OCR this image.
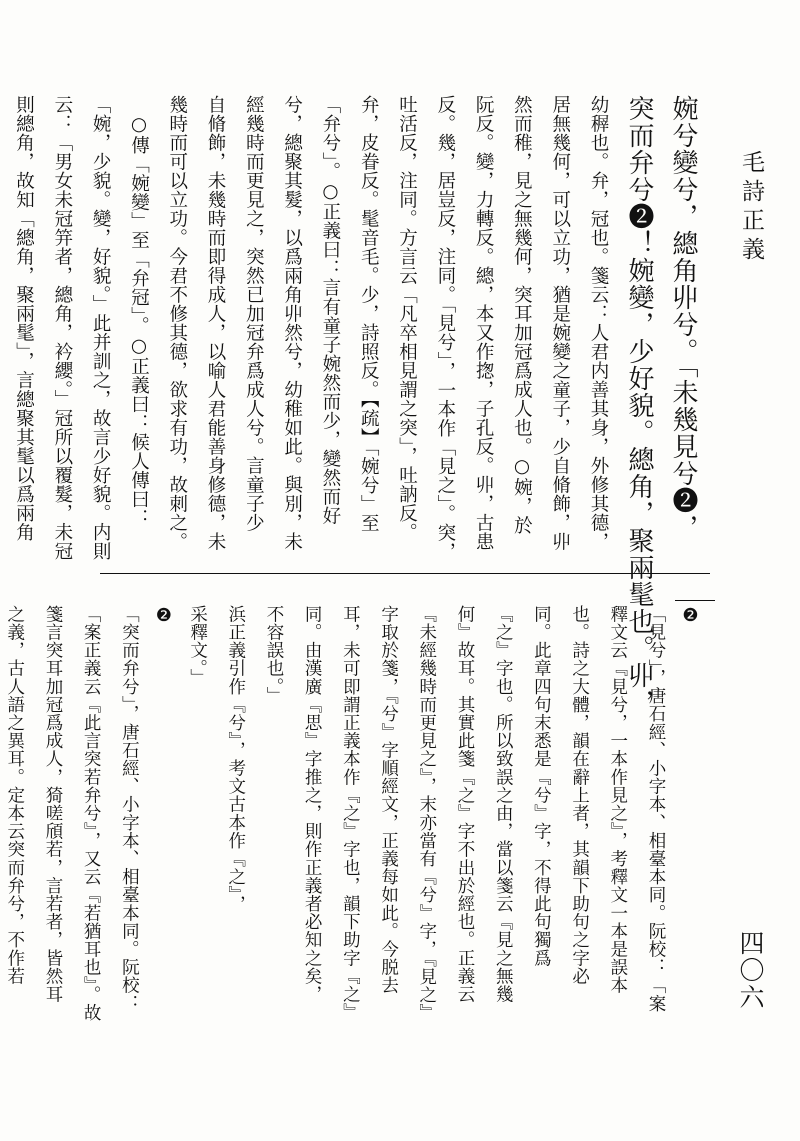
毛詩正義
婉兮變兮，總角丱兮。「未幾見兮❷，
突而弁兮❷！婉變，少好貌。總角，聚兩髦也。丱，
幼稺也。弁，冠也。箋云：人君内善其身，外修其德，
居無幾何，可以立功，猶是婉變之童子，少自脩飾，丱
然而稚，見之無幾何，突耳加冠爲成人也。○婉，於
阮反。變，力轉反。總，本又作揔，子孔反。丱，古患
反。幾，居豈反，注同。「見兮」，一本作「見之」。突，
吐活反，注同。方言云「凡卒相見謂之突」，吐訥反。
弁，皮眷反。髦音毛。少，詩照反。【疏】「婉兮」至
「弁兮」。○正義曰：言有童子婉然而少，變然而好
兮，總聚其髮，以爲兩角丱然兮，幼稚如此。與別，未
經幾時而更見之，突然已加冠弁爲成人兮。言童子少
自脩飾，未幾時而即得成人，以喻人君能善身修德，未
幾時而可以立功。今君不修其德，欲求有功，故刺之。
○傳「婉變」至「弁冠」。○正義曰：候人傳曰：
「婉，少貌。變，好貌。」此并訓之，故言少好貌。内則
云：「男女未冠笄者，總角，衿纓。」冠所以覆髮，未冠
則總角，故知「總角，聚兩髦」，言總聚其髦以爲兩角
❷
「見兮」，唐石經、小字本、相臺本同。阮校：「案
釋文云『見兮，一本作見之』，考釋文一本是誤本
也。詩之大體，韻在辭上者，其韻下助句之字必
同。此章四句末悉是『兮』字，不得此句獨爲
『之』字也。所以致誤之由，當以箋云『見之無幾
何』故耳。其實此箋『之』字不出於經也。正義云
『未經幾時而更見之』，末亦當有『兮』字，『見之』
字取於箋，『兮』字順經文，正義每如此。今脱去
耳，未可即謂正義本作『之』字也，韻下助字『之』
同。由漢廣『思』字推之，則作正義者必知之矣，
不容誤也。」
浜正義引作『兮』，考文古本作『之』，
采釋文。」
❷
「突而弁兮」，唐石經、小字本、相臺本同。阮校：
「案正義云『此言突若弁兮』，又云『若猶耳也』。故
箋言突耳加冠爲成人，猗嗟頎若，言若者，皆然耳
之義，古人語之異耳。定本云突而弁兮，不作若	四〇六
